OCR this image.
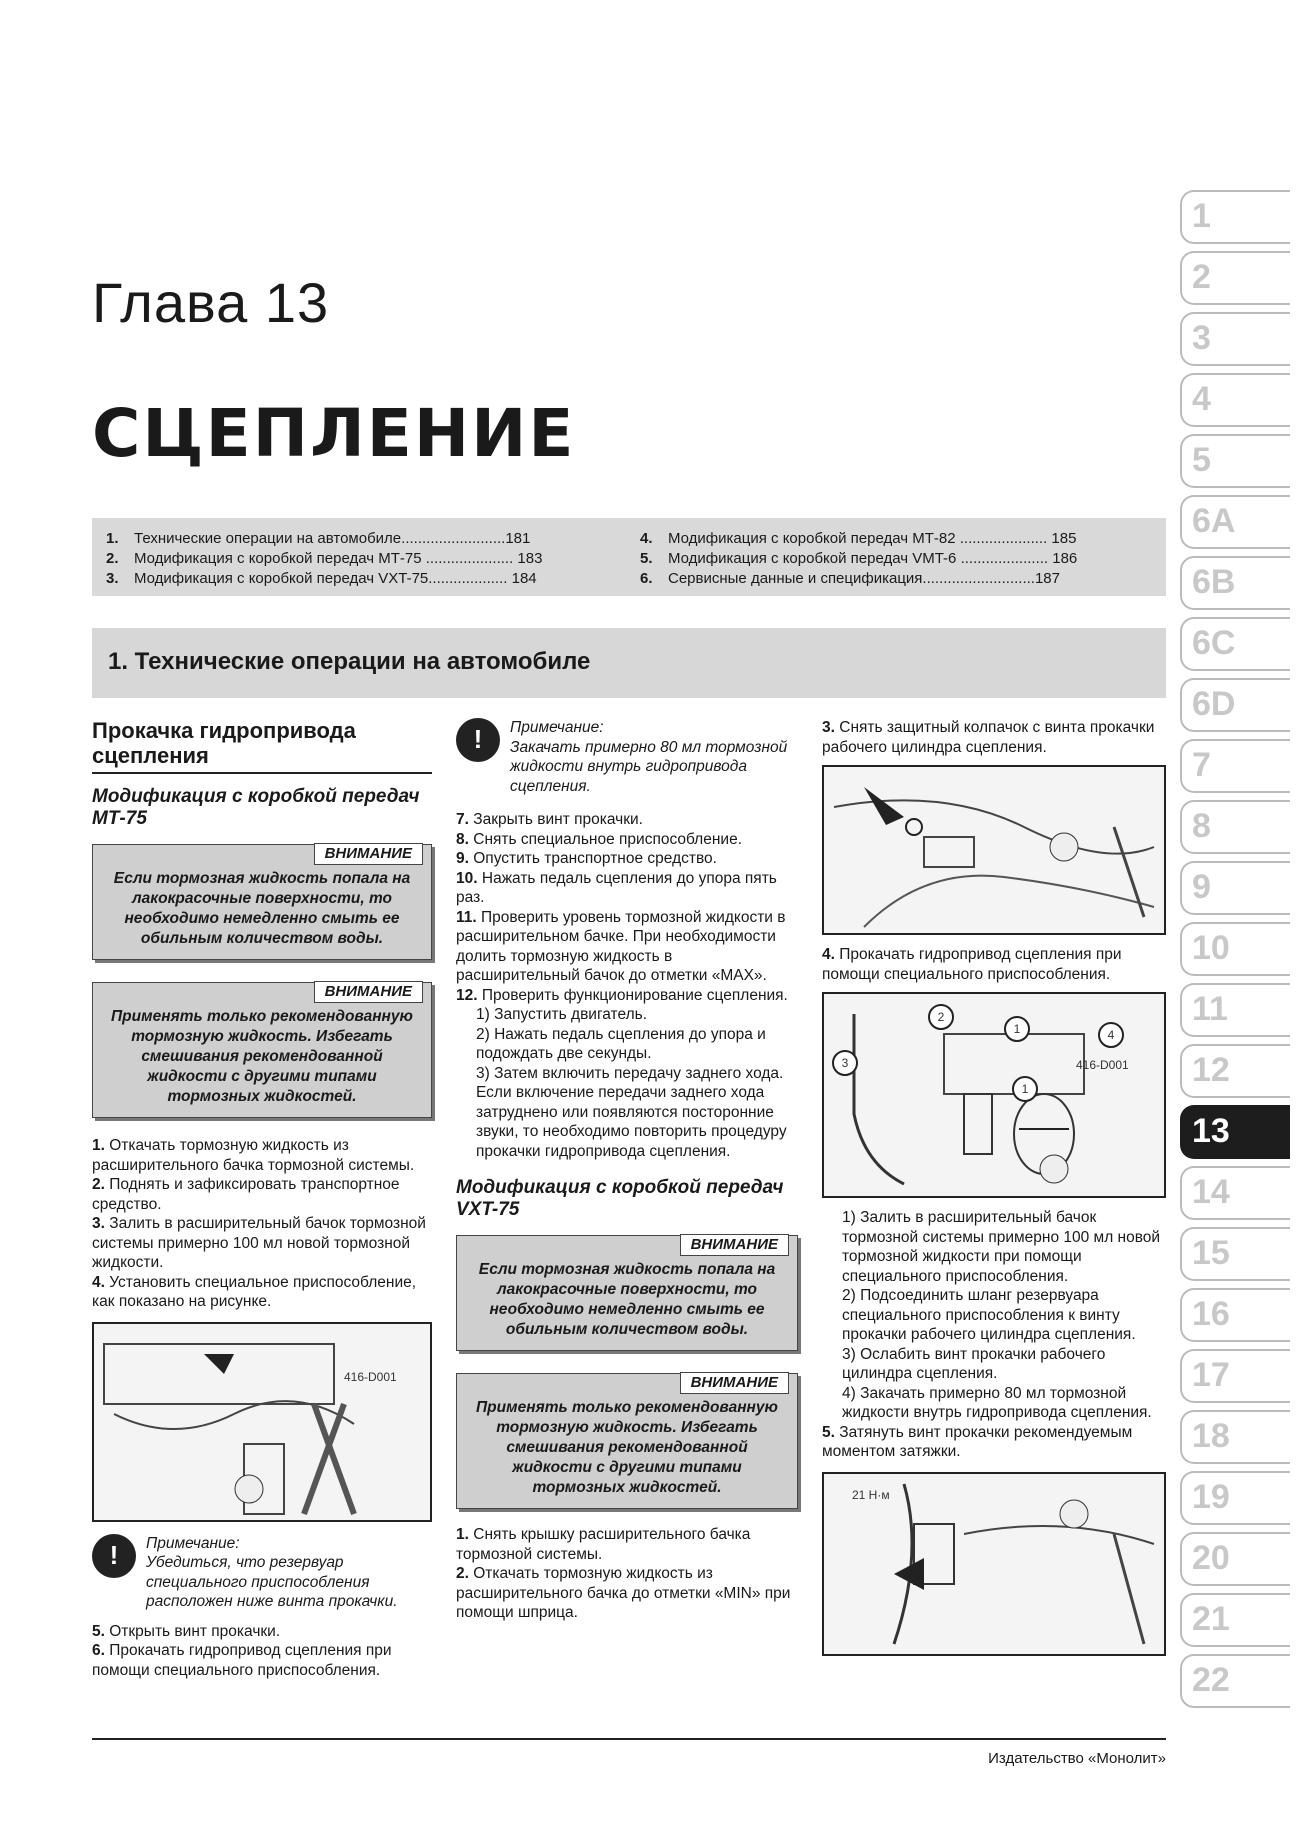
Глава 13
СЦЕПЛЕНИЕ
1.	Технические операции на автомобиле.........................181
2.	Модификация с коробкой передач МТ-75 ..................... 183
3.	Модификация с коробкой передач VXT-75................... 184
4.	Модификация с коробкой передач МТ-82 ..................... 185
5.	Модификация с коробкой передач VMT-6 ..................... 186
6.	Сервисные данные и спецификация...........................187
1. Технические операции на автомобиле
Прокачка гидропривода сцепления
Модификация с коробкой передач МТ-75
ВНИМАНИЕ
Если тормозная жидкость попала на лакокрасочные поверхности, то необходимо немедленно смыть ее обильным количеством воды.
ВНИМАНИЕ
Применять только рекомендованную тормозную жидкость. Избегать смешивания рекомендованной жидкости с другими типами тормозных жидкостей.

1. Откачать тормозную жидкость из расширительного бачка тормозной системы.

2. Поднять и зафиксировать транспортное средство.

3. Залить в расширительный бачок тормозной системы примерно 100 мл новой тормозной жидкости.

4. Установить специальное приспособление, как показано на рисунке.

416-D001
!	Примечание:
Убедиться, что резервуар специального приспособления расположен ниже винта прокачки.

5. Открыть винт прокачки.

6. Прокачать гидропривод сцепления при помощи специального приспособления.

!	Примечание:
Закачать примерно 80 мл тормозной жидкости внутрь гидропривода сцепления.

7. Закрыть винт прокачки.

8. Снять специальное приспособление.

9. Опустить транспортное средство.

10. Нажать педаль сцепления до упора пять раз.

11. Проверить уровень тормозной жидкости в расширительном бачке. При необходимости долить тормозную жидкость в расширительный бачок до отметки «МАХ».

12. Проверить функционирование сцепления.

1) Запустить двигатель.

2) Нажать педаль сцепления до упора и подождать две секунды.

3) Затем включить передачу заднего хода. Если включение передачи заднего хода затруднено или появляются посторонние звуки, то необходимо повторить процедуру прокачки гидропривода сцепления.

Модификация с коробкой передач VXT-75
ВНИМАНИЕ
Если тормозная жидкость попала на лакокрасочные поверхности, то необходимо немедленно смыть ее обильным количеством воды.
ВНИМАНИЕ
Применять только рекомендованную тормозную жидкость. Избегать смешивания рекомендованной жидкости с другими типами тормозных жидкостей.

1. Снять крышку расширительного бачка тормозной системы.

2. Откачать тормозную жидкость из расширительного бачка до отметки «MIN» при помощи шприца.

3. Снять защитный колпачок с винта прокачки рабочего цилиндра сцепления.

4. Прокачать гидропривод сцепления при помощи специального приспособления.

2
3
1
1
4
416-D001

1) Залить в расширительный бачок тормозной системы примерно 100 мл новой тормозной жидкости при помощи специального приспособления.

2) Подсоединить шланг резервуара специального приспособления к винту прокачки рабочего цилиндра сцепления.

3) Ослабить винт прокачки рабочего цилиндра сцепления.

4) Закачать примерно 80 мл тормозной жидкости внутрь гидропривода сцепления.

5. Затянуть винт прокачки рекомендуемым моментом затяжки.

21 Н·м
1
2
3
4
5
6A
6B
6C
6D
7
8
9
10
11
12
13
14
15
16
17
18
19
20
21
22
Издательство «Монолит»
